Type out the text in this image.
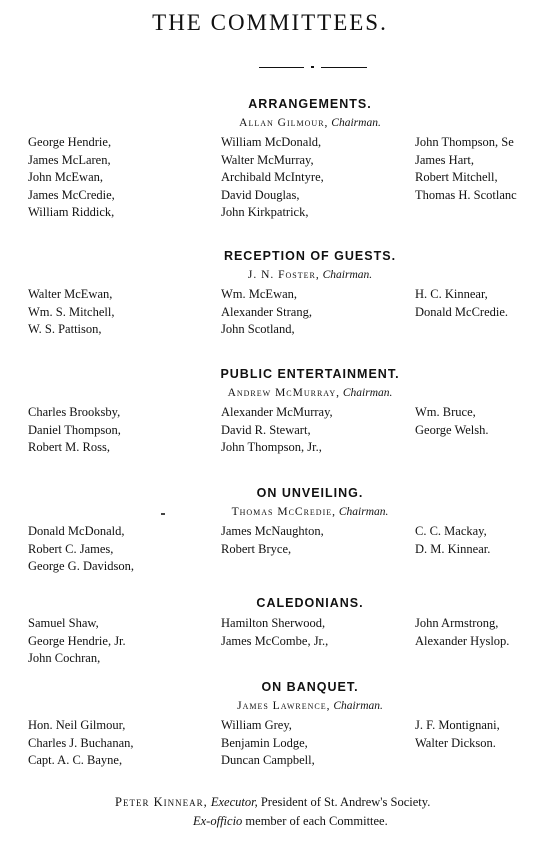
THE COMMITTEES.
ARRANGEMENTS.
Allan Gilmour, Chairman.
George Hendrie,
James McLaren,
John McEwan,
James McCredie,
William Riddick,
William McDonald,
Walter McMurray,
Archibald McIntyre,
David Douglas,
John Kirkpatrick,
John Thompson, Se
James Hart,
Robert Mitchell,
Thomas H. Scotlanc
RECEPTION OF GUESTS.
J. N. Foster, Chairman.
Walter McEwan,
Wm. S. Mitchell,
W. S. Pattison,
Wm. McEwan,
Alexander Strang,
John Scotland,
H. C. Kinnear,
Donald McCredie.
PUBLIC ENTERTAINMENT.
Andrew McMurray, Chairman.
Charles Brooksby,
Daniel Thompson,
Robert M. Ross,
Alexander McMurray,
David R. Stewart,
John Thompson, Jr.,
Wm. Bruce,
George Welsh.
ON UNVEILING.
Thomas McCredie, Chairman.
Donald McDonald,
Robert C. James,
George G. Davidson,
James McNaughton,
Robert Bryce,
C. C. Mackay,
D. M. Kinnear.
CALEDONIANS.
Samuel Shaw,
George Hendrie, Jr.
John Cochran,
Hamilton Sherwood,
James McCombe, Jr.,
John Armstrong,
Alexander Hyslop.
ON BANQUET.
James Lawrence, Chairman.
Hon. Neil Gilmour,
Charles J. Buchanan,
Capt. A. C. Bayne,
William Grey,
Benjamin Lodge,
Duncan Campbell,
J. F. Montignani,
Walter Dickson.
Peter Kinnear, Executor, President of St. Andrew's Society.
Ex-officio member of each Committee.
